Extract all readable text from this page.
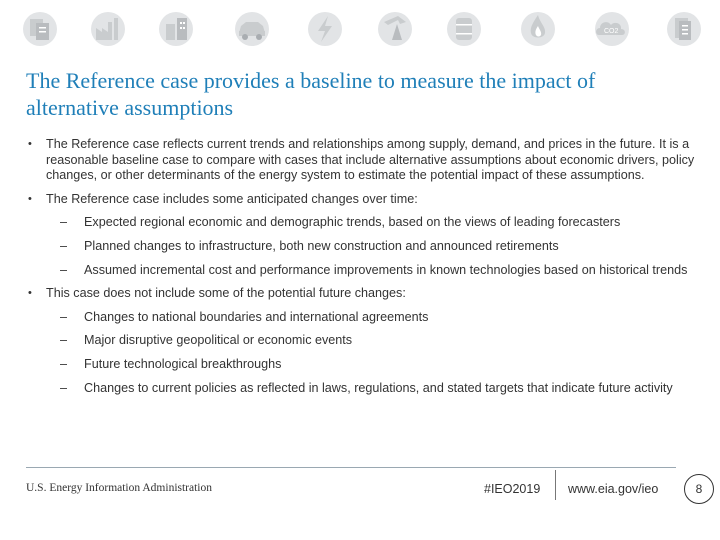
CO2
The Reference case provides a baseline to measure the impact of alternative assumptions
• The Reference case reflects current trends and relationships among supply, demand, and prices in the future. It is a reasonable baseline case to compare with cases that include alternative assumptions about economic drivers, policy changes, or other determinants of the energy system to estimate the potential impact of these assumptions.
• The Reference case includes some anticipated changes over time:
– Expected regional economic and demographic trends, based on the views of leading forecasters
– Planned changes to infrastructure, both new construction and announced retirements
– Assumed incremental cost and performance improvements in known technologies based on historical trends
• This case does not include some of the potential future changes:
– Changes to national boundaries and international agreements
– Major disruptive geopolitical or economic events
– Future technological breakthroughs
– Changes to current policies as reflected in laws, regulations, and stated targets that indicate future activity
U.S. Energy Information Administration	#IEO2019 www.eia.gov/ieo	8
